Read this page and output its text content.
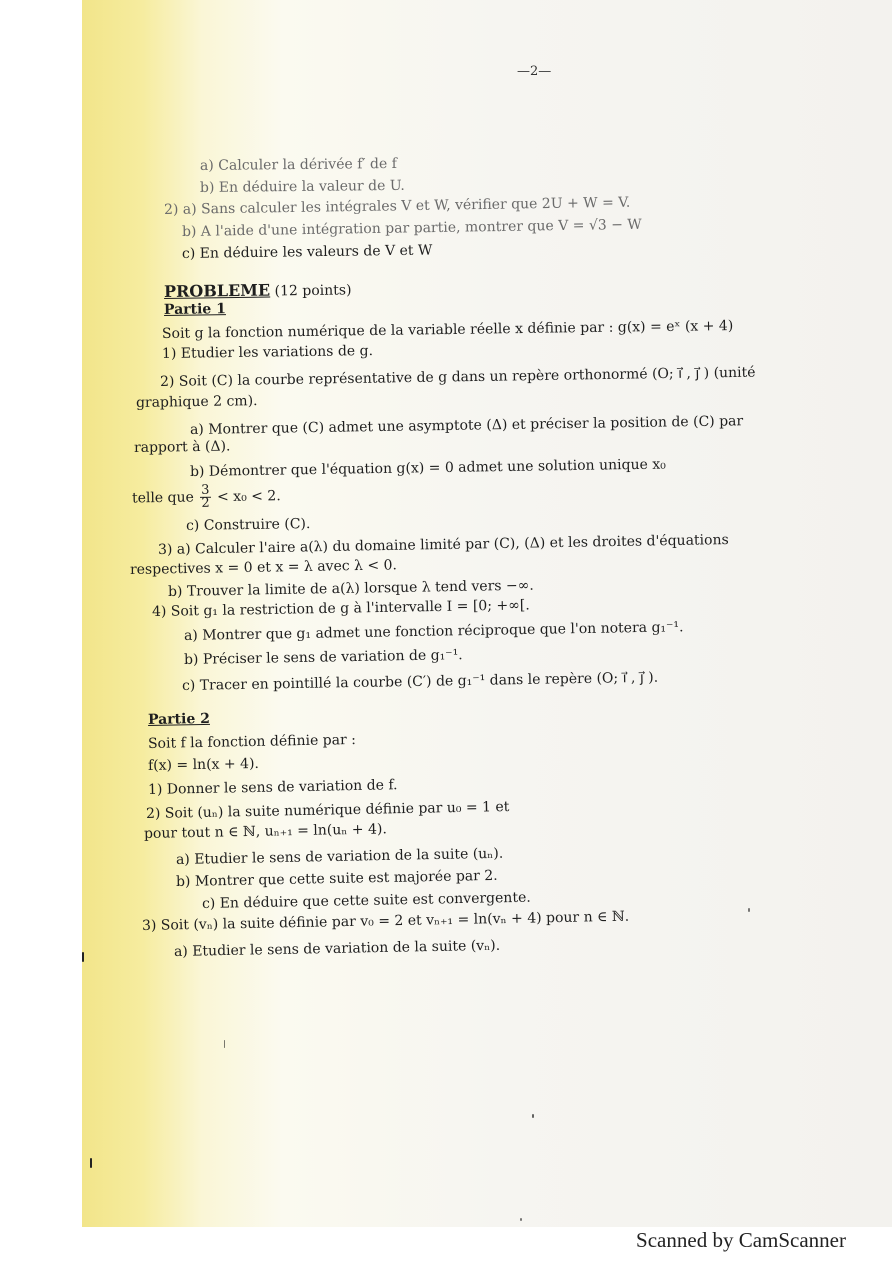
—2—
a) Calculer la dérivée f′ de f
b) En déduire la valeur de U.
2) a) Sans calculer les intégrales V et W, vérifier que 2U + W = V.
b) A l'aide d'une intégration par partie, montrer que V = √3 − W
c) En déduire les valeurs de V et W
PROBLEME (12 points)
Partie 1
Soit g la fonction numérique de la variable réelle x définie par : g(x) = eˣ (x + 4)
1) Etudier les variations de g.
2) Soit (C) la courbe représentative de g dans un repère orthonormé (O; i⃗ , j⃗ ) (unité
graphique 2 cm).
a) Montrer que (C) admet une asymptote (Δ) et préciser la position de (C) par
rapport à (Δ).
b) Démontrer que l'équation g(x) = 0 admet une solution unique x₀
telle que $\frac{3}{2} < x_0 < 2$.
c) Construire (C).
3) a) Calculer l'aire a(λ) du domaine limité par (C), (Δ) et les droites d'équations
respectives x = 0 et x = λ avec λ < 0.
b) Trouver la limite de a(λ) lorsque λ tend vers −∞.
4) Soit g₁ la restriction de g à l'intervalle I = [0; +∞[.
a) Montrer que g₁ admet une fonction réciproque que l'on notera g₁⁻¹.
b) Préciser le sens de variation de g₁⁻¹.
c) Tracer en pointillé la courbe (C′) de g₁⁻¹ dans le repère (O; i⃗ , j⃗ ).
Partie 2
Soit f la fonction définie par :
f(x) = ln(x + 4).
1) Donner le sens de variation de f.
2) Soit (uₙ) la suite numérique définie par u₀ = 1 et
pour tout n ∈ ℕ, uₙ₊₁ = ln(uₙ + 4).
a) Etudier le sens de variation de la suite (uₙ).
b) Montrer que cette suite est majorée par 2.
c) En déduire que cette suite est convergente.
3) Soit (vₙ) la suite définie par v₀ = 2 et vₙ₊₁ = ln(vₙ + 4) pour n ∈ ℕ.
a) Etudier le sens de variation de la suite (vₙ).
Scanned by CamScanner
